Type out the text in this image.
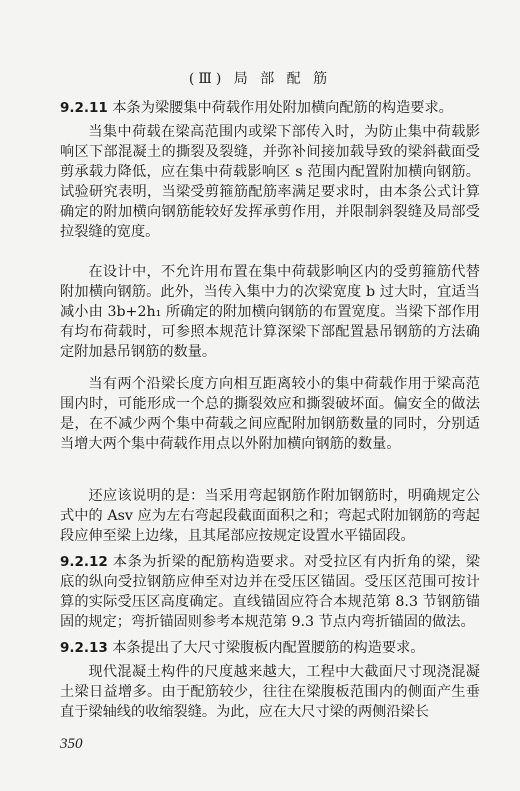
(Ⅲ) 局 部 配 筋

9.2.11 本条为梁腰集中荷载作用处附加横向配筋的构造要求。

当集中荷载在梁高范围内或梁下部传入时，为防止集中荷载影响区下部混凝土的撕裂及裂缝，并弥补间接加载导致的梁斜截面受剪承载力降低，应在集中荷载影响区 s 范围内配置附加横向钢筋。试验研究表明，当梁受剪箍筋配筋率满足要求时，由本条公式计算确定的附加横向钢筋能较好发挥承剪作用，并限制斜裂缝及局部受拉裂缝的宽度。

在设计中，不允许用布置在集中荷载影响区内的受剪箍筋代替附加横向钢筋。此外，当传入集中力的次梁宽度 b 过大时，宜适当减小由 3b+2h₁ 所确定的附加横向钢筋的布置宽度。当梁下部作用有均布荷载时，可参照本规范计算深梁下部配置悬吊钢筋的方法确定附加悬吊钢筋的数量。

当有两个沿梁长度方向相互距离较小的集中荷载作用于梁高范围内时，可能形成一个总的撕裂效应和撕裂破坏面。偏安全的做法是，在不减少两个集中荷载之间应配附加钢筋数量的同时，分别适当增大两个集中荷载作用点以外附加横向钢筋的数量。

还应该说明的是：当采用弯起钢筋作附加钢筋时，明确规定公式中的 Asv 应为左右弯起段截面面积之和；弯起式附加钢筋的弯起段应伸至梁上边缘，且其尾部应按规定设置水平锚固段。

9.2.12 本条为折梁的配筋构造要求。对受拉区有内折角的梁，梁底的纵向受拉钢筋应伸至对边并在受压区锚固。受压区范围可按计算的实际受压区高度确定。直线锚固应符合本规范第 8.3 节钢筋锚固的规定；弯折锚固则参考本规范第 9.3 节点内弯折锚固的做法。

9.2.13 本条提出了大尺寸梁腹板内配置腰筋的构造要求。

现代混凝土构件的尺度越来越大，工程中大截面尺寸现浇混凝土梁日益增多。由于配筋较少，往往在梁腹板范围内的侧面产生垂直于梁轴线的收缩裂缝。为此，应在大尺寸梁的两侧沿梁长

350
